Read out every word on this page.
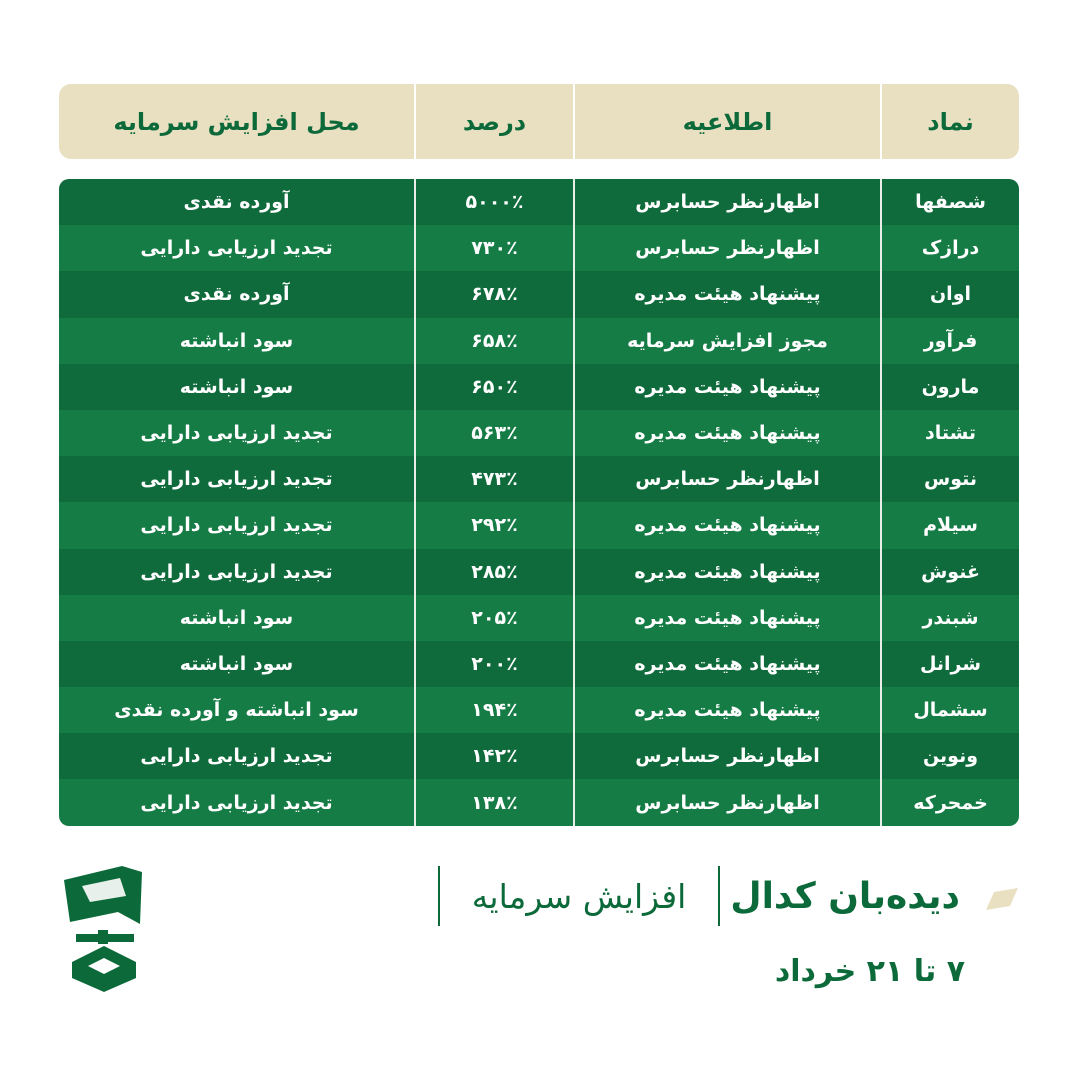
نماد
اطلاعیه
درصد
محل افزایش سرمایه
شصفها
اظهارنظر حسابرس
۵۰۰۰٪
آورده نقدی
درازک
اظهارنظر حسابرس
۷۳۰٪
تجدید ارزیابی دارایی
اوان
پیشنهاد هیئت مدیره
۶۷۸٪
آورده نقدی
فرآور
مجوز افزایش سرمایه
۶۵۸٪
سود انباشته
مارون
پیشنهاد هیئت مدیره
۶۵۰٪
سود انباشته
تشتاد
پیشنهاد هیئت مدیره
۵۶۳٪
تجدید ارزیابی دارایی
نتوس
اظهارنظر حسابرس
۴۷۳٪
تجدید ارزیابی دارایی
سیلام
پیشنهاد هیئت مدیره
۲۹۲٪
تجدید ارزیابی دارایی
غنوش
پیشنهاد هیئت مدیره
۲۸۵٪
تجدید ارزیابی دارایی
شبندر
پیشنهاد هیئت مدیره
۲۰۵٪
سود انباشته
شرانل
پیشنهاد هیئت مدیره
۲۰۰٪
سود انباشته
سشمال
پیشنهاد هیئت مدیره
۱۹۴٪
سود انباشته و آورده نقدی
ونوین
اظهارنظر حسابرس
۱۴۲٪
تجدید ارزیابی دارایی
خمحرکه
اظهارنظر حسابرس
۱۳۸٪
تجدید ارزیابی دارایی
دیده‌بان کدال
افزایش سرمایه
۷ تا ۲۱ خرداد
